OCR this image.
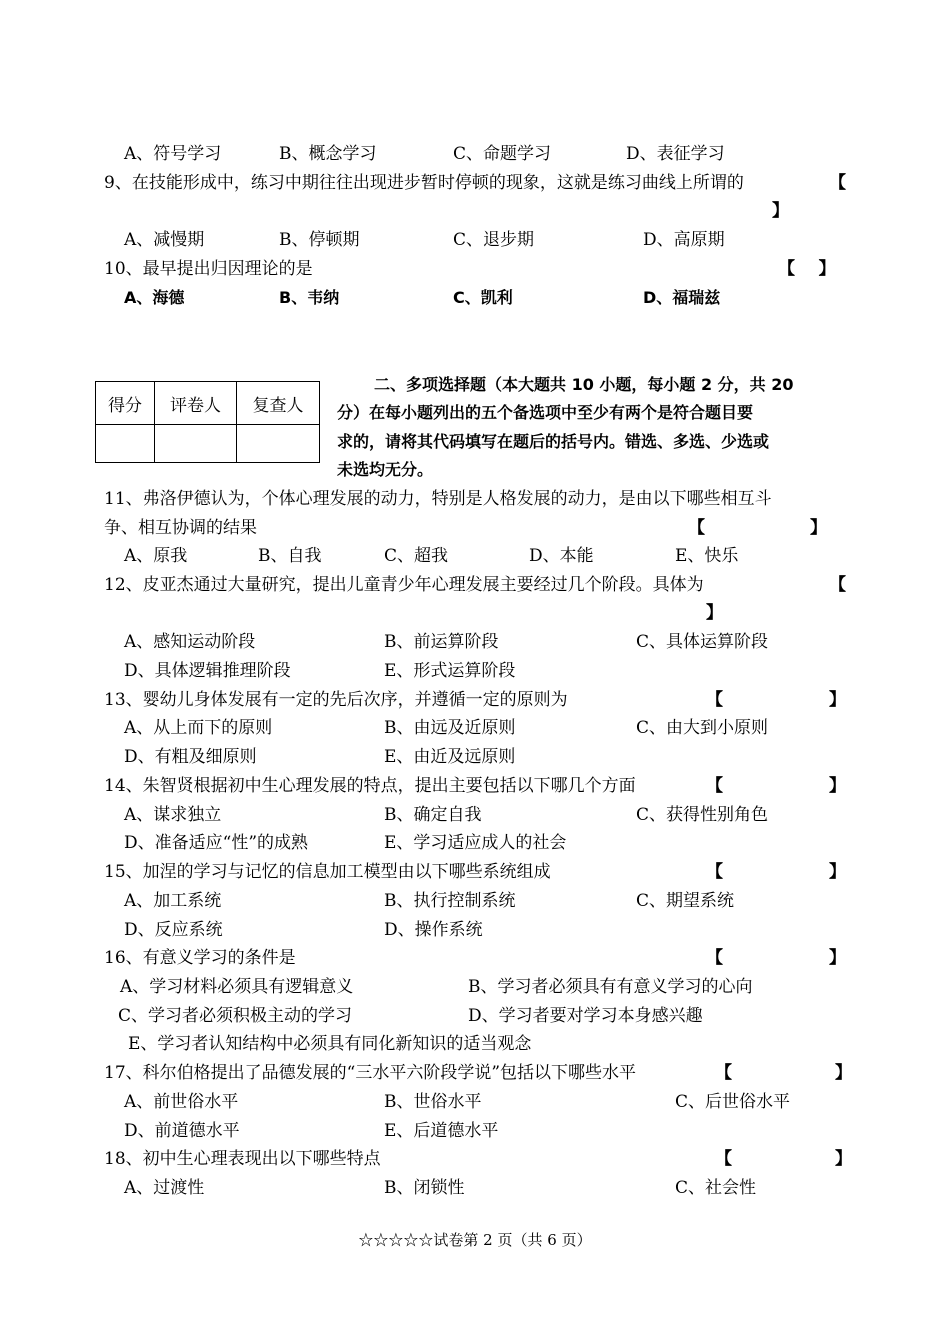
A、符号学习	B、概念学习	C、命题学习	D、表征学习
9、在技能形成中，练习中期往往出现进步暂时停顿的现象，这就是练习曲线上所谓的	【
】
A、减慢期	B、停顿期	C、退步期	D、高原期
10、最早提出归因理论的是	【    】
A、海德	B、韦纳	C、凯利	D、福瑞兹
得分	评卷人	复查人

二、多项选择题（本大题共 10 小题，每小题 2 分，共 20
分）在每小题列出的五个备选项中至少有两个是符合题目要
求的，请将其代码填写在题后的括号内。错选、多选、少选或
未选均无分。
11、弗洛伊德认为，个体心理发展的动力，特别是人格发展的动力，是由以下哪些相互斗
争、相互协调的结果	【	】
A、原我	B、自我	C、超我	D、本能	E、快乐
12、皮亚杰通过大量研究，提出儿童青少年心理发展主要经过几个阶段。具体为	【
】
A、感知运动阶段	B、前运算阶段	C、具体运算阶段
D、具体逻辑推理阶段	E、形式运算阶段
13、婴幼儿身体发展有一定的先后次序，并遵循一定的原则为	【	】
A、从上而下的原则	B、由远及近原则	C、由大到小原则
D、有粗及细原则	E、由近及远原则
14、朱智贤根据初中生心理发展的特点，提出主要包括以下哪几个方面	【	】
A、谋求独立	B、确定自我	C、获得性别角色
D、准备适应“性”的成熟	E、学习适应成人的社会
15、加涅的学习与记忆的信息加工模型由以下哪些系统组成	【	】
A、加工系统	B、执行控制系统	C、期望系统
D、反应系统	D、操作系统
16、有意义学习的条件是	【	】
A、学习材料必须具有逻辑意义	B、学习者必须具有有意义学习的心向
C、学习者必须积极主动的学习	D、学习者要对学习本身感兴趣
E、学习者认知结构中必须具有同化新知识的适当观念
17、科尔伯格提出了品德发展的“三水平六阶段学说”包括以下哪些水平	【	】
A、前世俗水平	B、世俗水平	C、后世俗水平
D、前道德水平	E、后道德水平
18、初中生心理表现出以下哪些特点	【	】
A、过渡性	B、闭锁性	C、社会性
☆☆☆☆☆试卷第 2 页（共 6 页）
